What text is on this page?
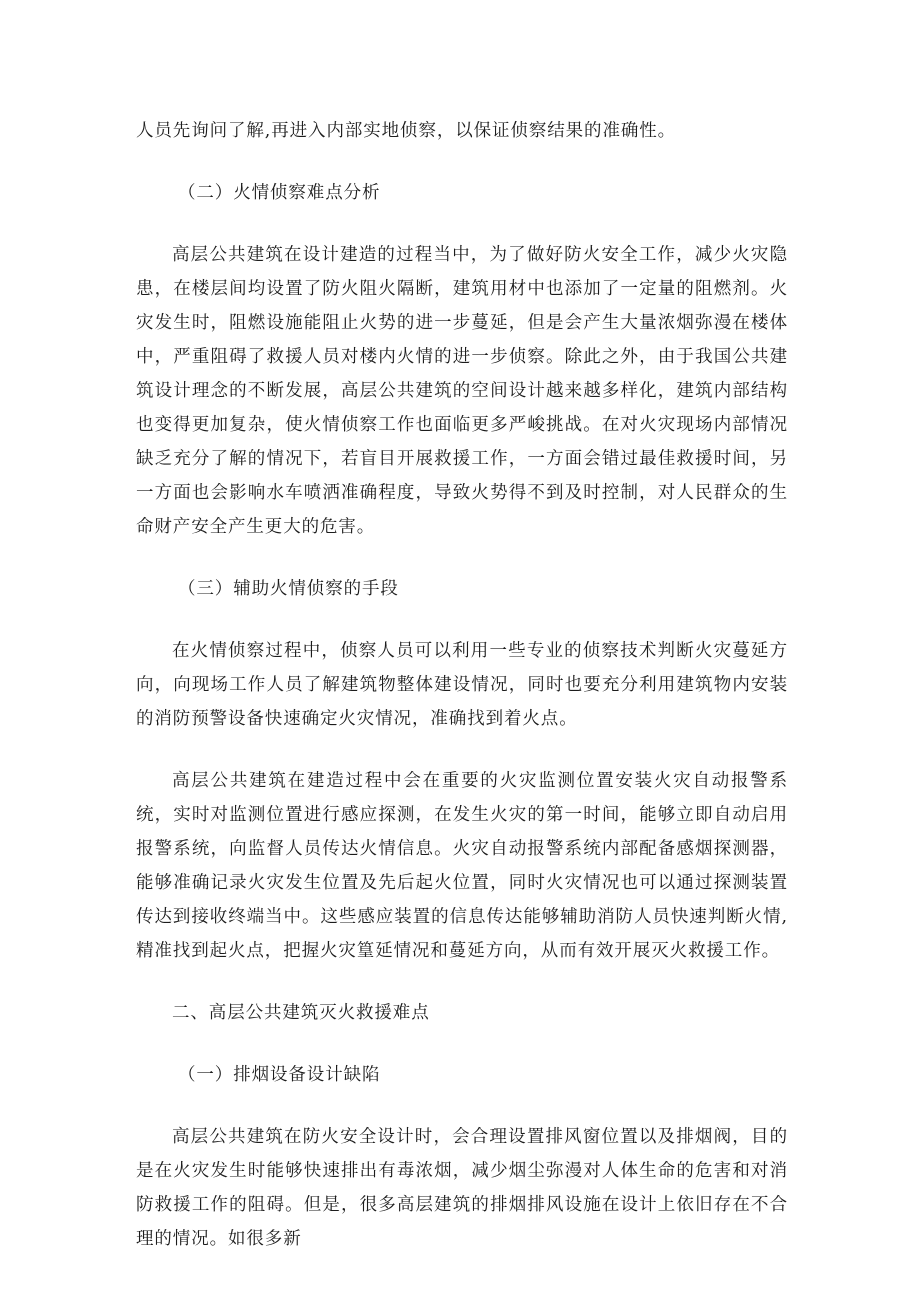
人员先询问了解,再进入内部实地侦察，以保证侦察结果的准确性。

（二）火情侦察难点分析

高层公共建筑在设计建造的过程当中，为了做好防火安全工作，减少火灾隐患，在楼层间均设置了防火阻火隔断，建筑用材中也添加了一定量的阻燃剂。火灾发生时，阻燃设施能阻止火势的进一步蔓延，但是会产生大量浓烟弥漫在楼体中，严重阻碍了救援人员对楼内火情的进一步侦察。除此之外，由于我国公共建筑设计理念的不断发展，高层公共建筑的空间设计越来越多样化，建筑内部结构也变得更加复杂，使火情侦察工作也面临更多严峻挑战。在对火灾现场内部情况缺乏充分了解的情况下，若盲目开展救援工作，一方面会错过最佳救援时间，另一方面也会影响水车喷洒准确程度，导致火势得不到及时控制，对人民群众的生命财产安全产生更大的危害。

（三）辅助火情侦察的手段

在火情侦察过程中，侦察人员可以利用一些专业的侦察技术判断火灾蔓延方向，向现场工作人员了解建筑物整体建设情况，同时也要充分利用建筑物内安装的消防预警设备快速确定火灾情况，准确找到着火点。

高层公共建筑在建造过程中会在重要的火灾监测位置安装火灾自动报警系统，实时对监测位置进行感应探测，在发生火灾的第一时间，能够立即自动启用报警系统，向监督人员传达火情信息。火灾自动报警系统内部配备感烟探测器，能够准确记录火灾发生位置及先后起火位置，同时火灾情况也可以通过探测装置传达到接收终端当中。这些感应装置的信息传达能够辅助消防人员快速判断火情,精准找到起火点，把握火灾篁延情况和蔓延方向，从而有效开展灭火救援工作。

二、高层公共建筑灭火救援难点
（一）排烟设备设计缺陷

高层公共建筑在防火安全设计时，会合理设置排风窗位置以及排烟阀，目的是在火灾发生时能够快速排出有毒浓烟，减少烟尘弥漫对人体生命的危害和对消防救援工作的阻碍。但是，很多高层建筑的排烟排风设施在设计上依旧存在不合理的情况。如很多新
